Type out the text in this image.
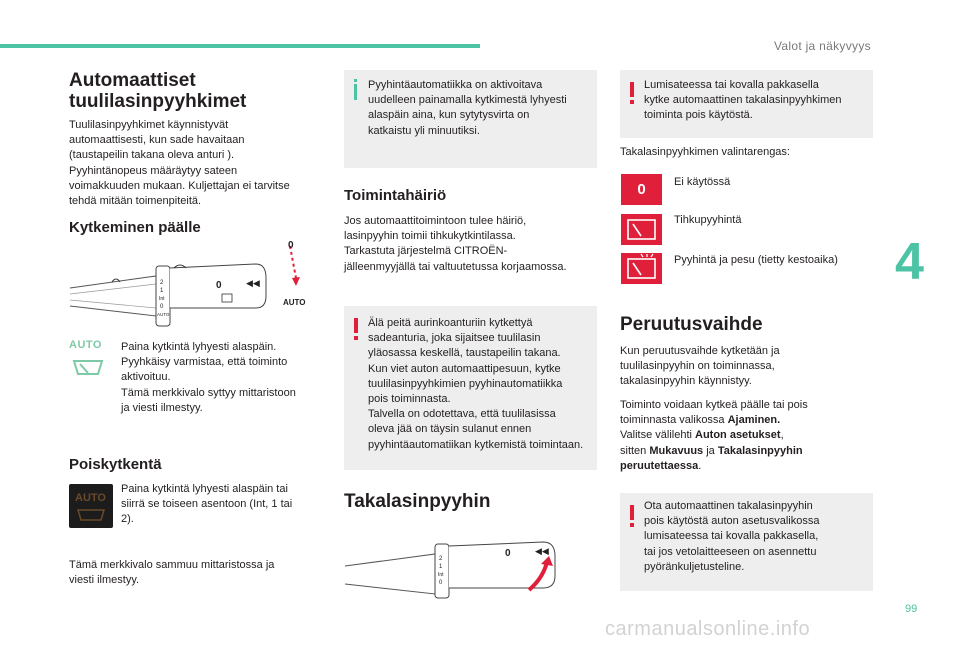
Valot ja näkyvyys
4
99
carmanualsonline.info
Automaattiset
tuulilasinpyyhkimet
Tuulilasinpyyhkimet käynnistyvät
automaattisesti, kun sade havaitaan
(taustapeilin takana oleva anturi ).
Pyyhintänopeus määräytyy sateen
voimakkuuden mukaan. Kuljettajan ei tarvitse
tehdä mitään toimenpiteitä.
Kytkeminen päälle
2
1
Int
0
AUTO
0	◀◀
0
AUTO
AUTO Paina kytkintä lyhyesti alaspäin.
Pyyhkäisy varmistaa, että toiminto
aktivoituu.
Tämä merkkivalo syttyy mittaristoon
ja viesti ilmestyy.
Poiskytkentä
AUTO
Paina kytkintä lyhyesti alaspäin tai
siirrä se toiseen asentoon (Int, 1 tai
2).
Tämä merkkivalo sammuu mittaristossa ja
viesti ilmestyy.
Pyyhintäautomatiikka on aktivoitava
uudelleen painamalla kytkimestä lyhyesti
alaspäin aina, kun sytytysvirta on
katkaistu yli minuutiksi.
Toimintahäiriö
Jos automaattitoimintoon tulee häiriö,
lasinpyyhin toimii tihkukytkintilassa.
Tarkastuta järjestelmä CITROËN-
jälleenmyyjällä tai valtuutetussa korjaamossa.
Älä peitä aurinkoanturiin kytkettyä
sadeanturia, joka sijaitsee tuulilasin
yläosassa keskellä, taustapeilin takana.
Kun viet auton automaattipesuun, kytke
tuulilasinpyyhkimien pyyhinautomatiikka
pois toiminnasta.
Talvella on odotettava, että tuulilasissa
oleva jää on täysin sulanut ennen
pyyhintäautomatiikan kytkemistä toimintaan.
Takalasinpyyhin
2
1
Int
0
0	◀◀
Lumisateessa tai kovalla pakkasella
kytke automaattinen takalasinpyyhkimen
toiminta pois käytöstä.
Takalasinpyyhkimen valintarengas:
0	Ei käytössä
Tihkupyyhintä
Pyyhintä ja pesu (tietty kestoaika)
Peruutusvaihde
Kun peruutusvaihde kytketään ja
tuulilasinpyyhin on toiminnassa,
takalasinpyyhin käynnistyy.
Toiminto voidaan kytkeä päälle tai pois
toiminnasta valikossa Ajaminen.
Valitse välilehti Auton asetukset,
sitten Mukavuus ja Takalasinpyyhin
peruutettaessa.
Ota automaattinen takalasinpyyhin
pois käytöstä auton asetusvalikossa
lumisateessa tai kovalla pakkasella,
tai jos vetolaitteeseen on asennettu
pyöränkuljetusteline.
